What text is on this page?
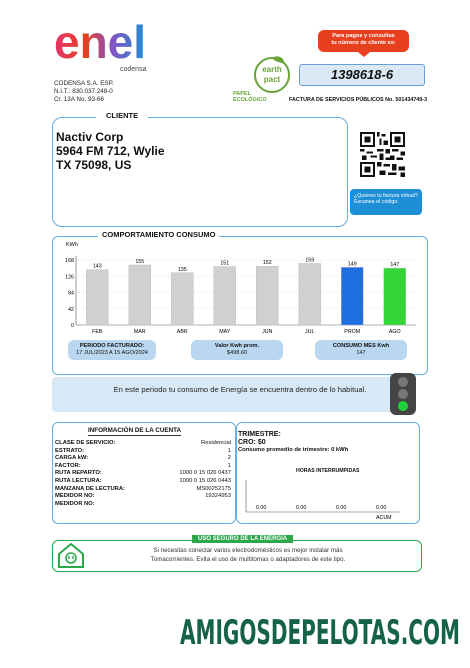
enel
codensa
CODENSA S.A. ESP.
N.I.T.: 830.037.248-0
Cr. 13A No. 93-66
earth
pact
PAPEL
ECOLÓGICO
Para pagos y consultas
tu número de cliente es:
1398618-6
FACTURA DE SERVICIOS PÚBLICOS No. 501434749-3
CLIENTE
Nactiv Corp
5964 FM 712, Wylie
TX 75098, US
¿Quieres tu factura virtual? Escanea el código.
COMPORTAMIENTO CONSUMO
KWh
0
42
84
126
168
143
FEB
155
MAR
135
ABR
151
MAY
152
JUN
159
JUL
149
PROM
147
AGO
PERIODO FACTURADO:
17 JUL/2023 A 15 AGO/2024
Valor Kwh prom.
$498.60
CONSUMO MES Kwh
147
En este periodo tu consumo de Energía se encuentra dentro de lo habitual.
INFORMACIÓN DE LA CUENTA
CLASE DE SERVICIO:	Residencial
ESTRATO:	1
CARGA kW:	2
FACTOR:	1
RUTA REPARTO:	1000 0 15 026 0437
RUTA LECTURA:	1000 0 15 026 0443
MANZANA DE LECTURA:	MS00252175
MEDIDOR NO:	19324953
MEDIDOR NO:
TRIMESTRE:
CRO: $0
Consumo promedio de trimestre: 0 kWh
HORAS INTERRUMPIDAS
0.00	0.00	0.00	0.00
ACUM
USO SEGURO DE LA ENERGÍA
Si necesitas conectar varios electrodomésticos es mejor instalar más
Tomacorrientes. Evita el uso de multitomas o adaptadores de este tipo.
AMIGOSDEPELOTAS.COM
